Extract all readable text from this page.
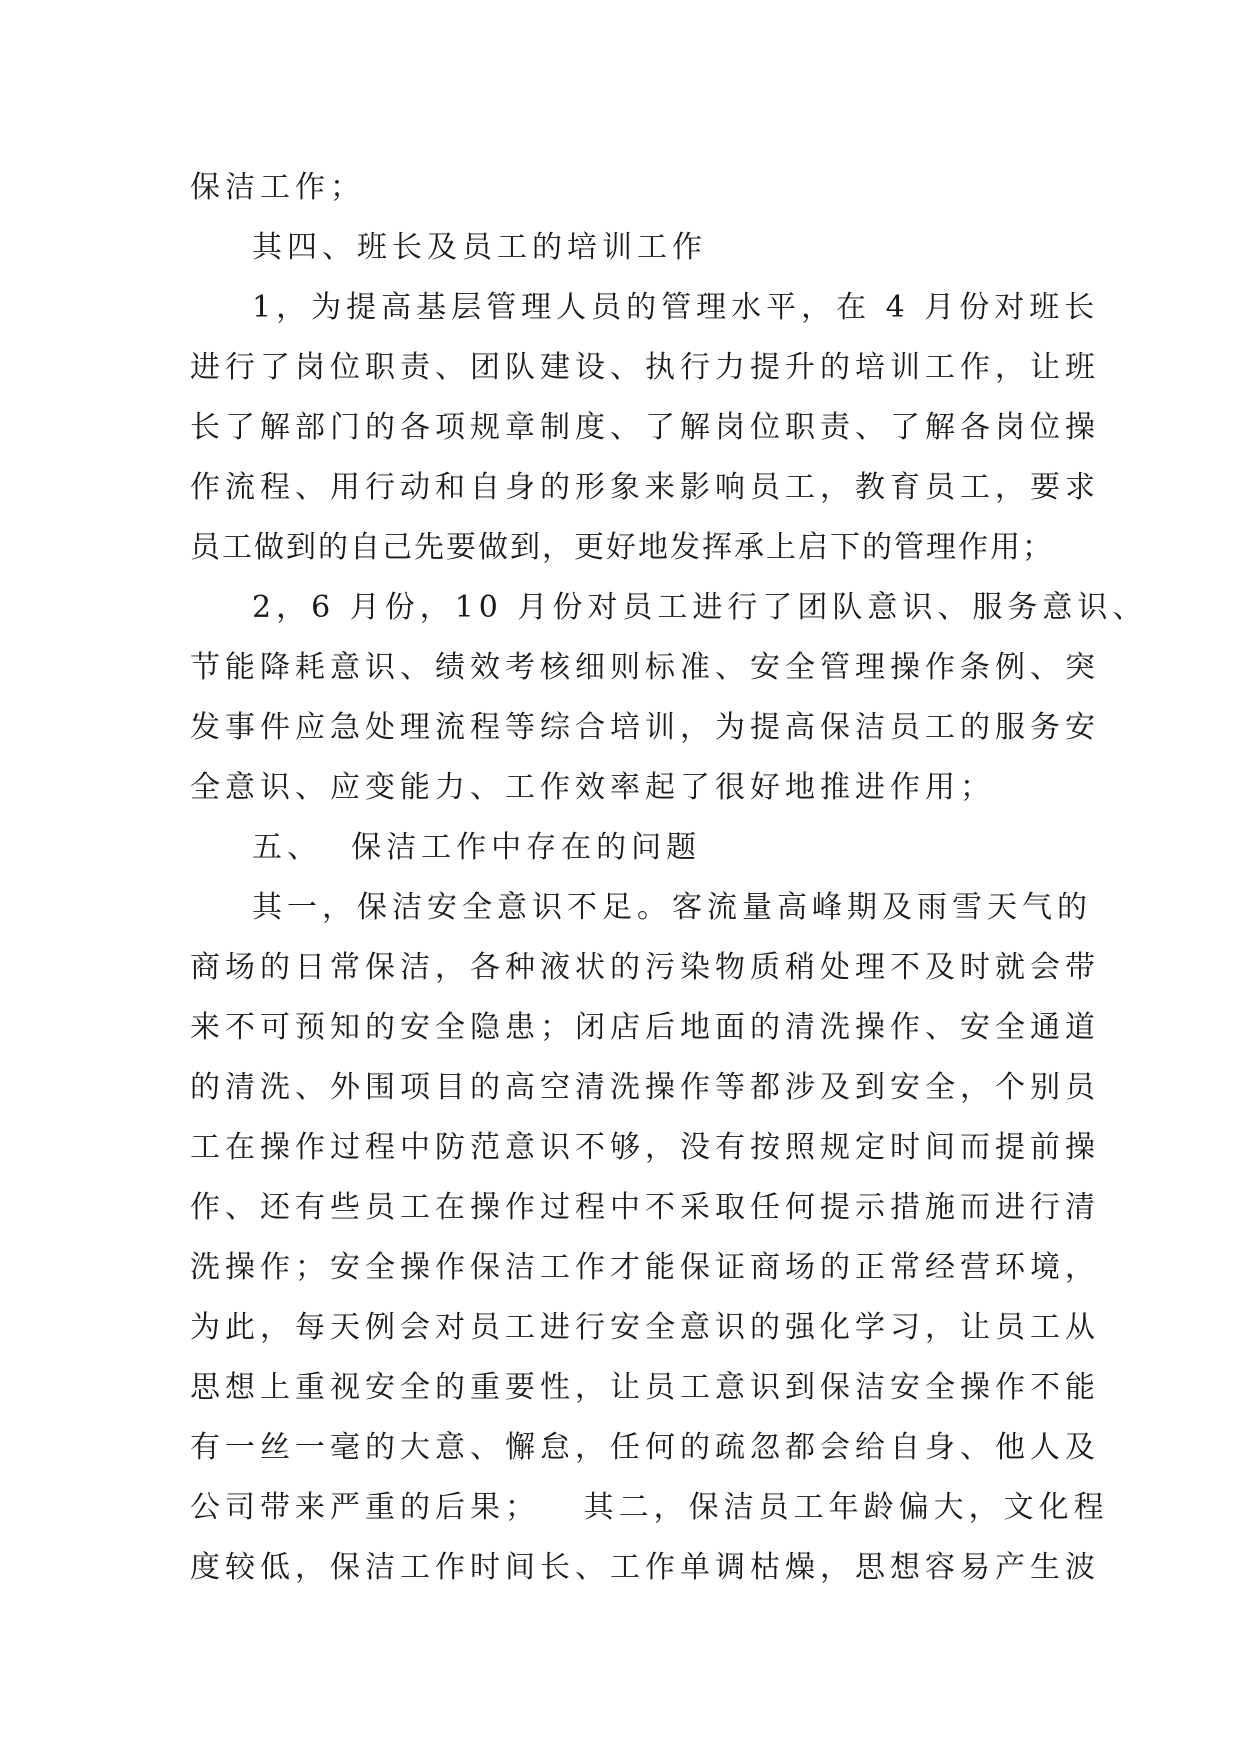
保洁工作；
其四、班长及员工的培训工作
1，为提高基层管理人员的管理水平，在 4 月份对班长
进行了岗位职责、团队建设、执行力提升的培训工作，让班
长了解部门的各项规章制度、了解岗位职责、了解各岗位操
作流程、用行动和自身的形象来影响员工，教育员工，要求
员工做到的自己先要做到，更好地发挥承上启下的管理作用；
2，6 月份，10 月份对员工进行了团队意识、服务意识、
节能降耗意识、绩效考核细则标准、安全管理操作条例、突
发事件应急处理流程等综合培训，为提高保洁员工的服务安
全意识、应变能力、工作效率起了很好地推进作用；
五、  保洁工作中存在的问题
其一，保洁安全意识不足。客流量高峰期及雨雪天气的
商场的日常保洁，各种液状的污染物质稍处理不及时就会带
来不可预知的安全隐患；闭店后地面的清洗操作、安全通道
的清洗、外围项目的高空清洗操作等都涉及到安全，个别员
工在操作过程中防范意识不够，没有按照规定时间而提前操
作、还有些员工在操作过程中不采取任何提示措施而进行清
洗操作；安全操作保洁工作才能保证商场的正常经营环境，
为此，每天例会对员工进行安全意识的强化学习，让员工从
思想上重视安全的重要性，让员工意识到保洁安全操作不能
有一丝一毫的大意、懈怠，任何的疏忽都会给自身、他人及
公司带来严重的后果；   其二，保洁员工年龄偏大，文化程
度较低，保洁工作时间长、工作单调枯燥，思想容易产生波
